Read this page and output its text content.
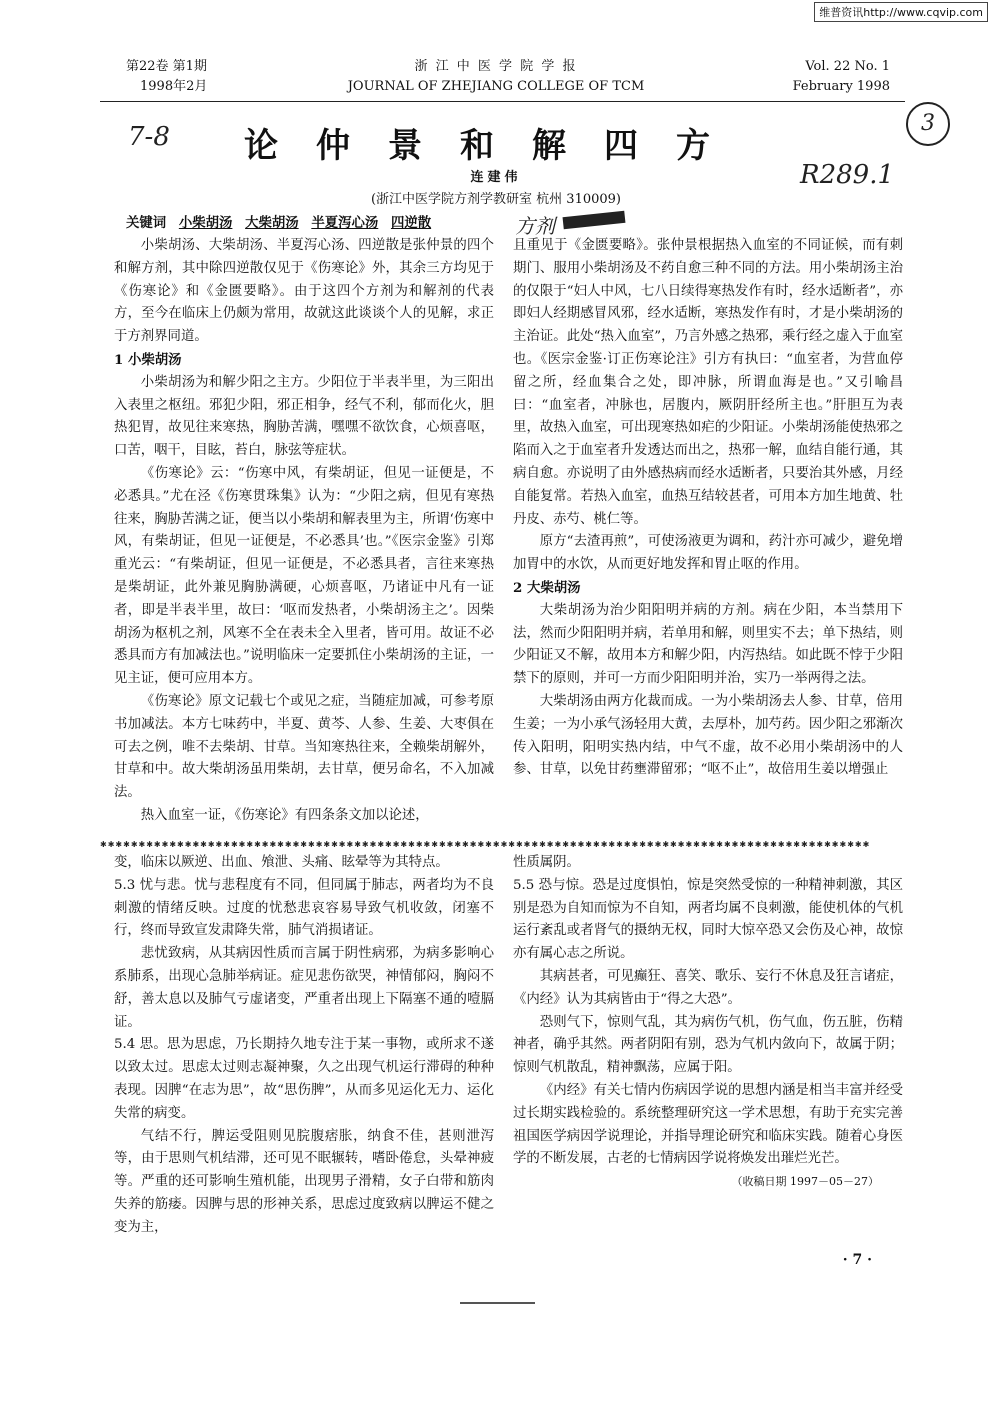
维普资讯http://www.cqvip.com
第22卷 第1期
1998年2月
浙 江 中 医 学 院 学 报
JOURNAL OF ZHEJIANG COLLEGE OF TCM
Vol. 22 No. 1
February 1998
7-8	3
R289.1
方剂
论仲景和解四方
连建伟
(浙江中医学院方剂学教研室 杭州 310009)
关键词 小柴胡汤 大柴胡汤 半夏泻心汤 四逆散

小柴胡汤、大柴胡汤、半夏泻心汤、四逆散是张仲景的四个和解方剂，其中除四逆散仅见于《伤寒论》外，其余三方均见于《伤寒论》和《金匮要略》。由于这四个方剂为和解剂的代表方，至今在临床上仍颇为常用，故就这此谈谈个人的见解，求正于方剂界同道。

1 小柴胡汤

小柴胡汤为和解少阳之主方。少阳位于半表半里，为三阳出入表里之枢纽。邪犯少阳，邪正相争，经气不利，郁而化火，胆热犯胃，故见往来寒热，胸胁苦满，嘿嘿不欲饮食，心烦喜呕，口苦，咽干，目眩，苔白，脉弦等症状。

《伤寒论》云：“伤寒中风，有柴胡证，但见一证便是，不必悉具。”尤在泾《伤寒贯珠集》认为：“少阳之病，但见有寒热往来，胸胁苦满之证，便当以小柴胡和解表里为主，所谓‘伤寒中风，有柴胡证，但见一证便是，不必悉具’也。”《医宗金鉴》引郑重光云：“有柴胡证，但见一证便是，不必悉具者，言往来寒热是柴胡证，此外兼见胸胁满硬，心烦喜呕，乃诸证中凡有一证者，即是半表半里，故曰：‘呕而发热者，小柴胡汤主之’。因柴胡汤为枢机之剂，风寒不全在表未全入里者，皆可用。故证不必悉具而方有加减法也。”说明临床一定要抓住小柴胡汤的主证，一见主证，便可应用本方。

《伤寒论》原文记载七个或见之症，当随症加减，可参考原书加减法。本方七味药中，半夏、黄芩、人参、生姜、大枣俱在可去之例，唯不去柴胡、甘草。当知寒热往来，全赖柴胡解外，甘草和中。故大柴胡汤虽用柴胡，去甘草，便另命名，不入加减法。

热入血室一证，《伤寒论》有四条条文加以论述，

且重见于《金匮要略》。张仲景根据热入血室的不同证候，而有刺期门、服用小柴胡汤及不药自愈三种不同的方法。用小柴胡汤主治的仅限于“妇人中风，七八日续得寒热发作有时，经水适断者”，亦即妇人经期感冒风邪，经水适断，寒热发作有时，才是小柴胡汤的主治证。此处“热入血室”，乃言外感之热邪，乘行经之虚入于血室也。《医宗金鉴·订正伤寒论注》引方有执曰：“血室者，为营血停留之所，经血集合之处，即冲脉，所谓血海是也。”又引喻昌曰：“血室者，冲脉也，居腹内，厥阴肝经所主也。”肝胆互为表里，故热入血室，可出现寒热如疟的少阳证。小柴胡汤能使热邪之陷而入之于血室者升发透达而出之，热邪一解，血结自能行通，其病自愈。亦说明了由外感热病而经水适断者，只要治其外感，月经自能复常。若热入血室，血热互结较甚者，可用本方加生地黄、牡丹皮、赤芍、桃仁等。

原方“去渣再煎”，可使汤液更为调和，药汁亦可减少，避免增加胃中的水饮，从而更好地发挥和胃止呕的作用。

2 大柴胡汤

大柴胡汤为治少阳阳明并病的方剂。病在少阳，本当禁用下法，然而少阳阳明并病，若单用和解，则里实不去；单下热结，则少阳证又不解，故用本方和解少阳，内泻热结。如此既不悖于少阳禁下的原则，并可一方而少阳阳明并治，实乃一举两得之法。

大柴胡汤由两方化裁而成。一为小柴胡汤去人参、甘草，倍用生姜；一为小承气汤轻用大黄，去厚朴，加芍药。因少阳之邪渐次传入阳明，阳明实热内结，中气不虚，故不必用小柴胡汤中的人参、甘草，以免甘药壅滞留邪；“呕不止”，故倍用生姜以增强止

✱✱✱✱✱✱✱✱✱✱✱✱✱✱✱✱✱✱✱✱✱✱✱✱✱✱✱✱✱✱✱✱✱✱✱✱✱✱✱✱✱✱✱✱✱✱✱✱✱✱✱✱✱✱✱✱✱✱✱✱✱✱✱✱✱✱✱✱✱✱✱✱✱✱✱✱✱✱✱✱✱✱✱✱✱✱✱✱✱✱✱✱✱✱✱✱✱✱✱✱

变，临床以厥逆、出血、飧泄、头痛、眩晕等为其特点。

5.3 忧与悲。忧与悲程度有不同，但同属于肺志，两者均为不良刺激的情绪反映。过度的忧愁悲哀容易导致气机收敛，闭塞不行，终而导致宣发肃降失常，肺气消损诸证。

悲忧致病，从其病因性质而言属于阴性病邪，为病多影响心系肺系，出现心急肺举病证。症见悲伤欲哭，神情郁闷，胸闷不舒，善太息以及肺气亏虚诸变，严重者出现上下隔塞不通的噎膈证。

5.4 思。思为思虑，乃长期持久地专注于某一事物，或所求不遂以致太过。思虑太过则志凝神聚，久之出现气机运行滞碍的种种表现。因脾“在志为思”，故“思伤脾”，从而多见运化无力、运化失常的病变。

气结不行，脾运受阻则见脘腹痞胀，纳食不佳，甚则泄泻等，由于思则气机结滞，还可见不眠辗转，嗜卧倦怠，头晕神疲等。严重的还可影响生殖机能，出现男子滑精，女子白带和筋肉失养的筋痿。因脾与思的形神关系，思虑过度致病以脾运不健之变为主，

性质属阴。

5.5 恐与惊。恐是过度惧怕，惊是突然受惊的一种精神刺激，其区别是恐为自知而惊为不自知，两者均属不良刺激，能使机体的气机运行紊乱或者肾气的摄纳无权，同时大惊卒恐又会伤及心神，故惊亦有属心志之所说。

其病甚者，可见癫狂、喜笑、歌乐、妄行不休息及狂言诸症，《内经》认为其病皆由于“得之大恐”。

恐则气下，惊则气乱，其为病伤气机，伤气血，伤五脏，伤精神者，确乎其然。两者阴阳有别，恐为气机内敛向下，故属于阴；惊则气机散乱，精神飘荡，应属于阳。

《内经》有关七情内伤病因学说的思想内涵是相当丰富并经受过长期实践检验的。系统整理研究这一学术思想，有助于充实完善祖国医学病因学说理论，并指导理论研究和临床实践。随着心身医学的不断发展，古老的七情病因学说将焕发出璀烂光芒。

（收稿日期 1997－05－27）

· 7 ·
